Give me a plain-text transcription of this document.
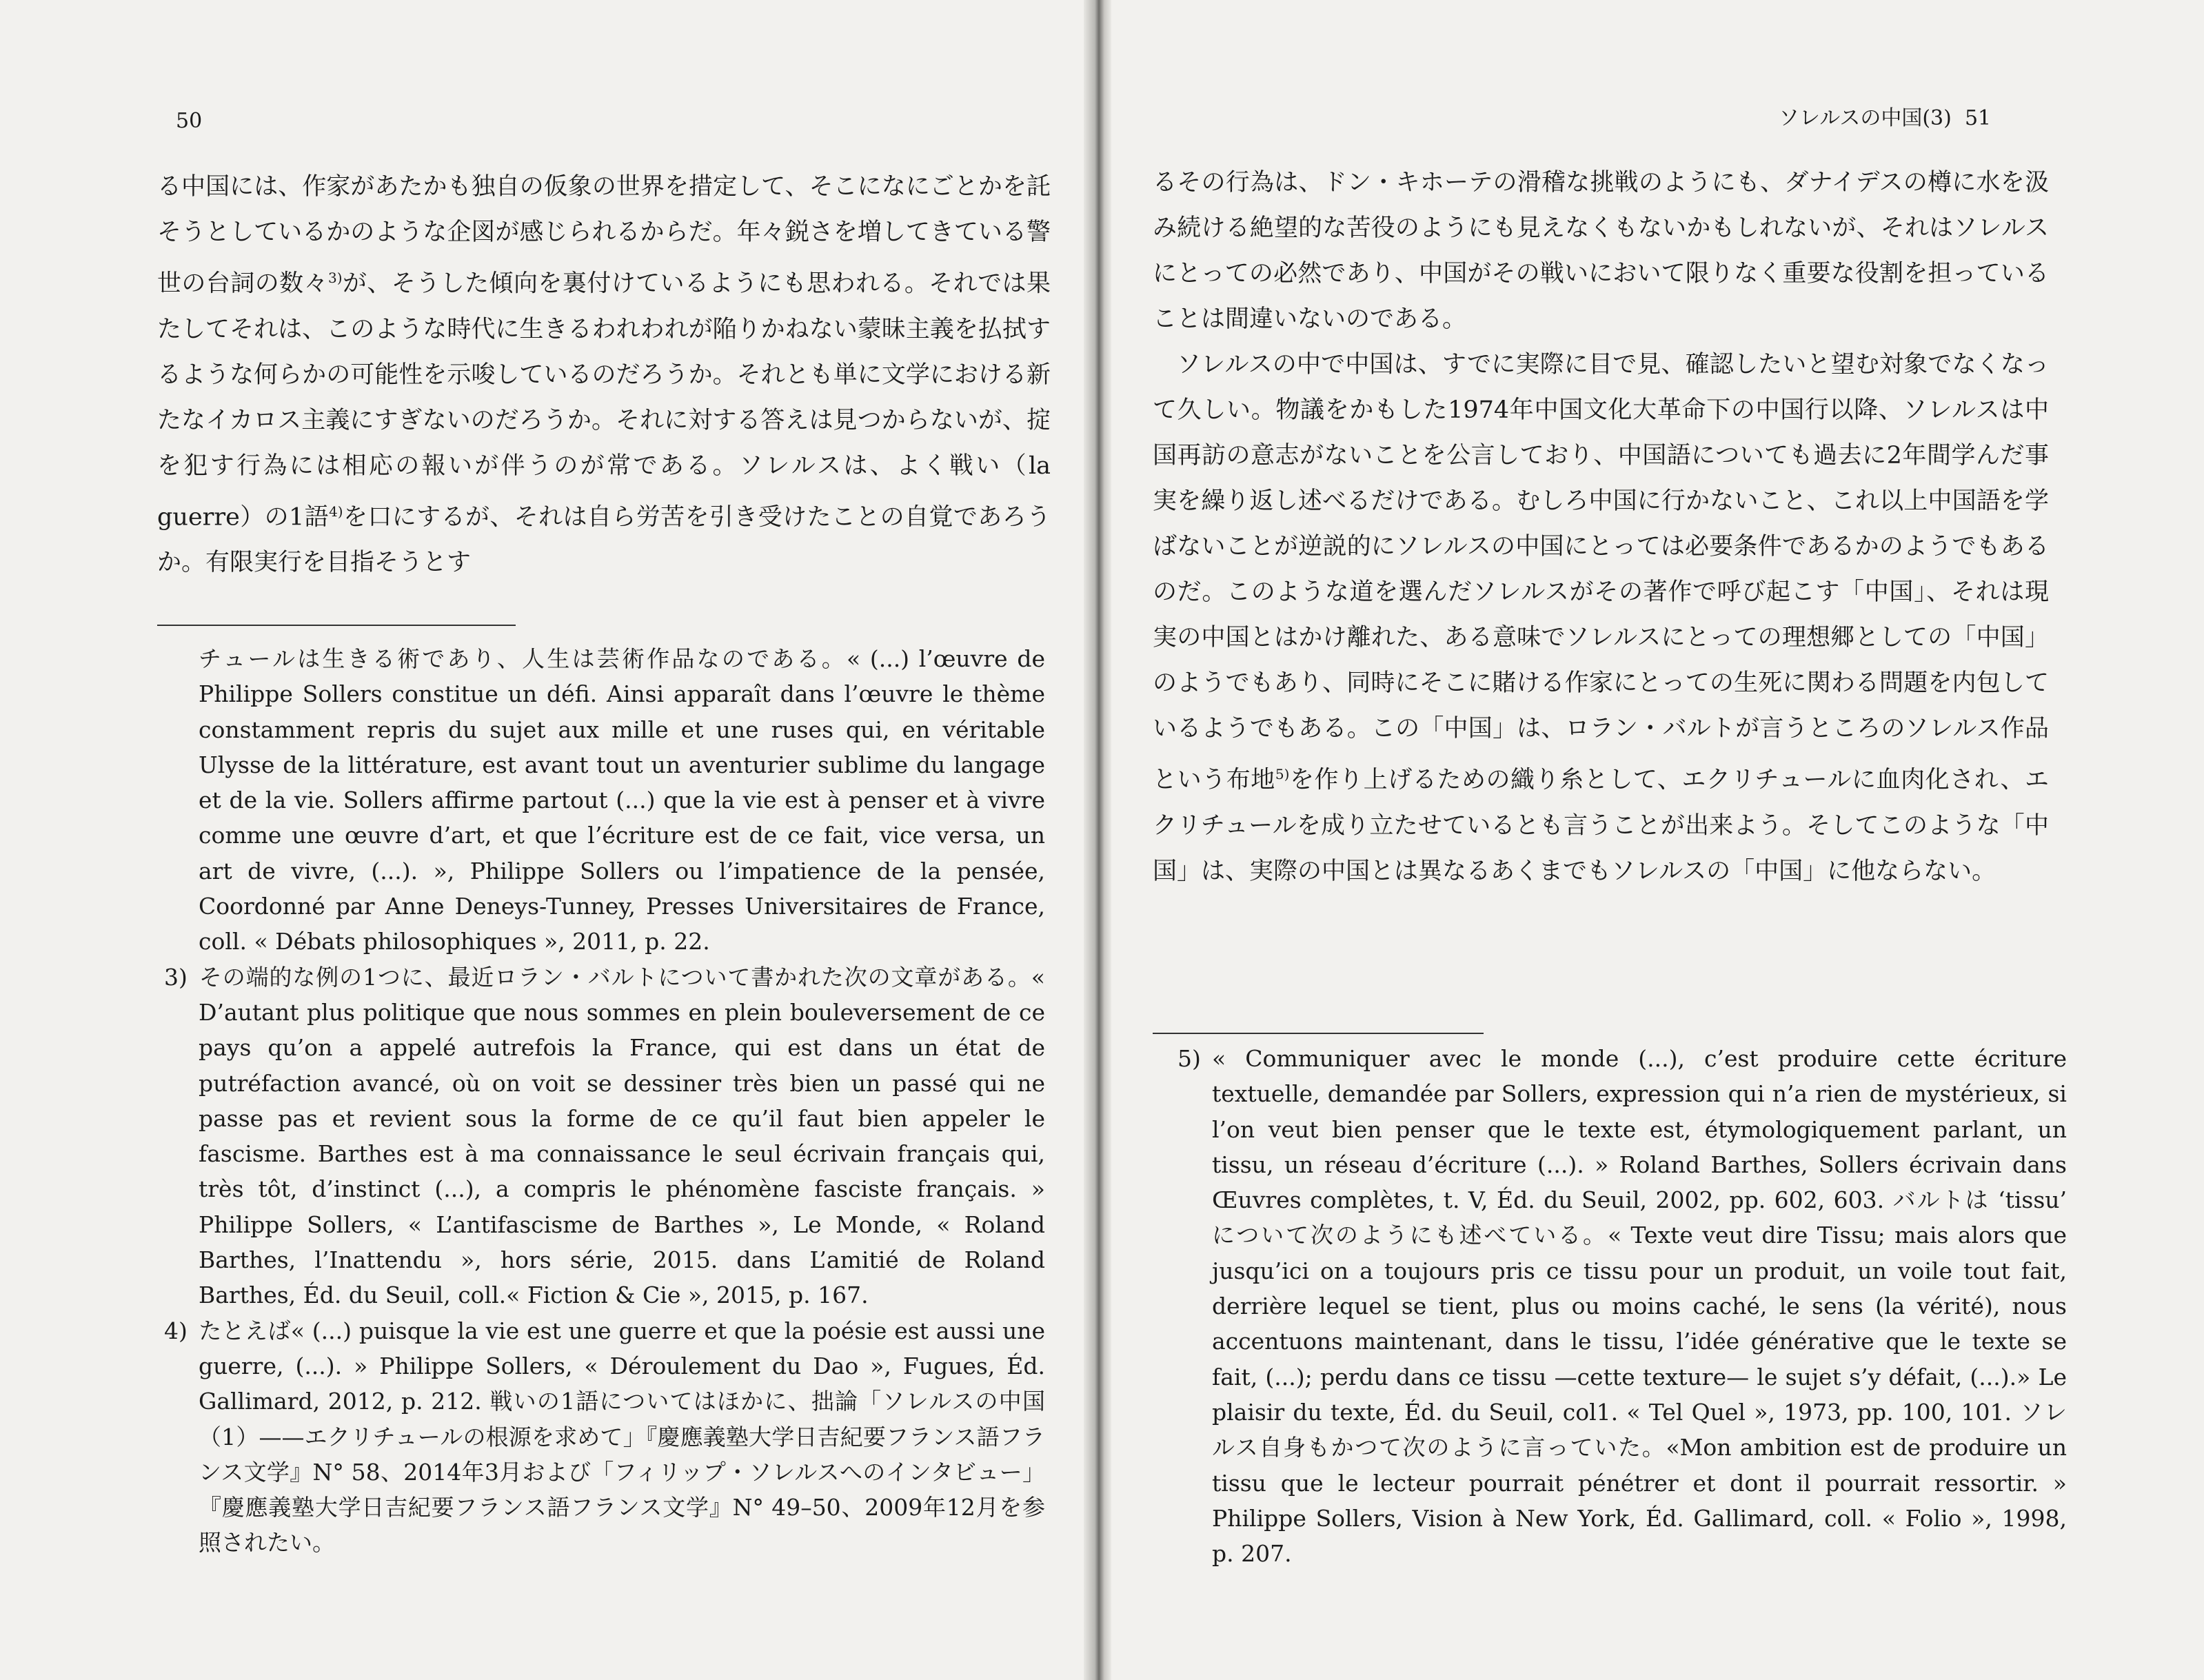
50

る中国には、作家があたかも独自の仮象の世界を措定して、そこになにごとかを託そうとしているかのような企図が感じられるからだ。年々鋭さを増してきている警世の台詞の数々$^{3)}$が、そうした傾向を裏付けているようにも思われる。それでは果たしてそれは、このような時代に生きるわれわれが陥りかねない蒙昧主義を払拭するような何らかの可能性を示唆しているのだろうか。それとも単に文学における新たなイカロス主義にすぎないのだろうか。それに対する答えは見つからないが、掟を犯す行為には相応の報いが伴うのが常である。ソレルスは、よく戦い（la guerre）の1語$^{4)}$を口にするが、それは自ら労苦を引き受けたことの自覚であろうか。有限実行を目指そうとす

チュールは生きる術であり、人生は芸術作品なのである。« (...) l’œuvre de Philippe Sollers constitue un défi. Ainsi apparaît dans l’œuvre le thème constamment repris du sujet aux mille et une ruses qui, en véritable Ulysse de la littérature, est avant tout un aventurier sublime du langage et de la vie. Sollers affirme partout (...) que la vie est à penser et à vivre comme une œuvre d’art, et que l’écriture est de ce fait, vice versa, un art de vivre, (...). », Philippe Sollers ou l’impatience de la pensée, Coordonné par Anne Deneys-Tunney, Presses Universitaires de France, coll. « Débats philosophiques », 2011, p. 22.

3) その端的な例の1つに、最近ロラン・バルトについて書かれた次の文章がある。« D’autant plus politique que nous sommes en plein bouleversement de ce pays qu’on a appelé autrefois la France, qui est dans un état de putréfaction avancé, où on voit se dessiner très bien un passé qui ne passe pas et revient sous la forme de ce qu’il faut bien appeler le fascisme. Barthes est à ma connaissance le seul écrivain français qui, très tôt, d’instinct (...), a compris le phénomène fasciste français. » Philippe Sollers, « L’antifascisme de Barthes », Le Monde, « Roland Barthes, l’Inattendu », hors série, 2015. dans L’amitié de Roland Barthes, Éd. du Seuil, coll.« Fiction & Cie », 2015, p. 167.

4) たとえば« (...) puisque la vie est une guerre et que la poésie est aussi une guerre, (...). » Philippe Sollers, « Déroulement du Dao », Fugues, Éd. Gallimard, 2012, p. 212. 戦いの1語についてはほかに、拙論「ソレルスの中国（1）——エクリチュールの根源を求めて」『慶應義塾大学日吉紀要フランス語フランス文学』N° 58、2014年3月および「フィリップ・ソレルスへのインタビュー」『慶應義塾大学日吉紀要フランス語フランス文学』N° 49–50、2009年12月を参照されたい。

ソレルスの中国(3) 51

るその行為は、ドン・キホーテの滑稽な挑戦のようにも、ダナイデスの樽に水を汲み続ける絶望的な苦役のようにも見えなくもないかもしれないが、それはソレルスにとっての必然であり、中国がその戦いにおいて限りなく重要な役割を担っていることは間違いないのである。

ソレルスの中で中国は、すでに実際に目で見、確認したいと望む対象でなくなって久しい。物議をかもした1974年中国文化大革命下の中国行以降、ソレルスは中国再訪の意志がないことを公言しており、中国語についても過去に2年間学んだ事実を繰り返し述べるだけである。むしろ中国に行かないこと、これ以上中国語を学ばないことが逆説的にソレルスの中国にとっては必要条件であるかのようでもあるのだ。このような道を選んだソレルスがその著作で呼び起こす「中国」、それは現実の中国とはかけ離れた、ある意味でソレルスにとっての理想郷としての「中国」のようでもあり、同時にそこに賭ける作家にとっての生死に関わる問題を内包しているようでもある。この「中国」は、ロラン・バルトが言うところのソレルス作品という布地$^{5)}$を作り上げるための織り糸として、エクリチュールに血肉化され、エクリチュールを成り立たせているとも言うことが出来よう。そしてこのような「中国」は、実際の中国とは異なるあくまでもソレルスの「中国」に他ならない。

5) « Communiquer avec le monde (...), c’est produire cette écriture textuelle, demandée par Sollers, expression qui n’a rien de mystérieux, si l’on veut bien penser que le texte est, étymologiquement parlant, un tissu, un réseau d’écriture (...). » Roland Barthes, Sollers écrivain dans Œuvres complètes, t. V, Éd. du Seuil, 2002, pp. 602, 603. バルトは ‘tissu’ について次のようにも述べている。« Texte veut dire Tissu; mais alors que jusqu’ici on a toujours pris ce tissu pour un produit, un voile tout fait, derrière lequel se tient, plus ou moins caché, le sens (la vérité), nous accentuons maintenant, dans le tissu, l’idée générative que le texte se fait, (...); perdu dans ce tissu —cette texture— le sujet s’y défait, (...).» Le plaisir du texte, Éd. du Seuil, col1. « Tel Quel », 1973, pp. 100, 101. ソレルス自身もかつて次のように言っていた。«Mon ambition est de produire un tissu que le lecteur pourrait pénétrer et dont il pourrait ressortir. » Philippe Sollers, Vision à New York, Éd. Gallimard, coll. « Folio », 1998, p. 207.
